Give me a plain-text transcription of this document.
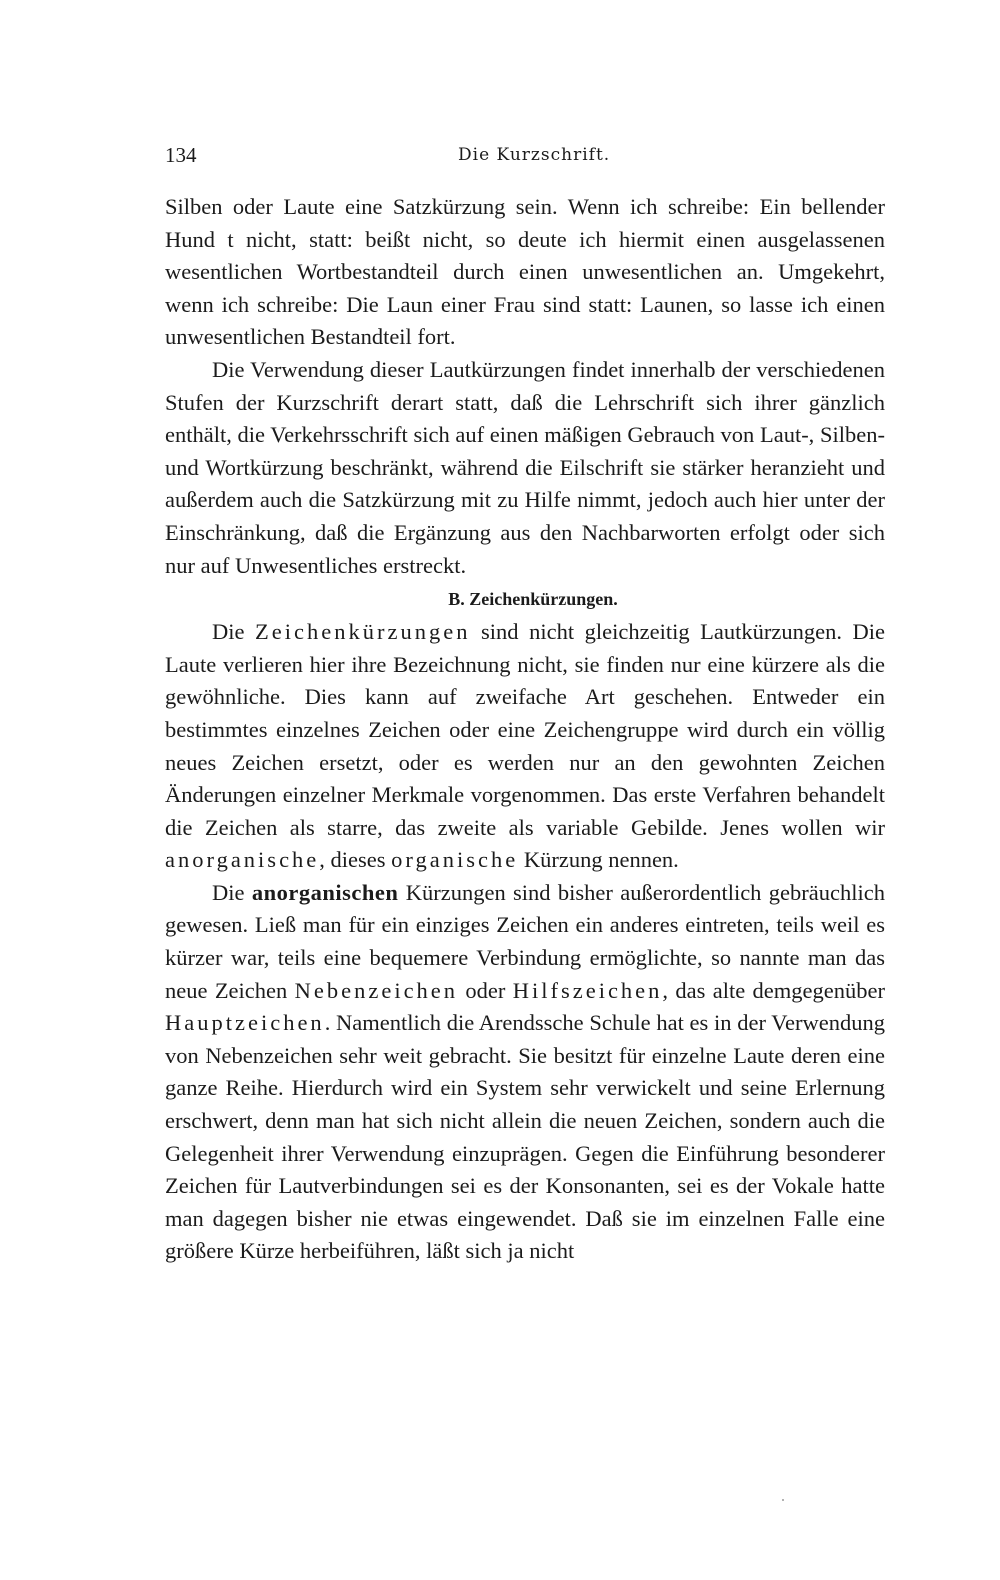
134	Die Kurzschrift.

Silben oder Laute eine Satzkürzung sein. Wenn ich schreibe: Ein bellender Hund t nicht, statt: beißt nicht, so deute ich hiermit einen ausgelassenen wesentlichen Wortbestandteil durch einen unwesentlichen an. Umgekehrt, wenn ich schreibe: Die Laun einer Frau sind statt: Launen, so lasse ich einen unwesentlichen Bestandteil fort.

Die Verwendung dieser Lautkürzungen findet innerhalb der verschiedenen Stufen der Kurzschrift derart statt, daß die Lehrschrift sich ihrer gänzlich enthält, die Verkehrsschrift sich auf einen mäßigen Gebrauch von Laut-, Silben- und Wortkürzung beschränkt, während die Eilschrift sie stärker heranzieht und außerdem auch die Satzkürzung mit zu Hilfe nimmt, jedoch auch hier unter der Einschränkung, daß die Ergänzung aus den Nachbarworten erfolgt oder sich nur auf Unwesentliches erstreckt.

B. Zeichenkürzungen.

Die Zeichenkürzungen sind nicht gleichzeitig Lautkürzungen. Die Laute verlieren hier ihre Bezeichnung nicht, sie finden nur eine kürzere als die gewöhnliche. Dies kann auf zweifache Art geschehen. Entweder ein bestimmtes einzelnes Zeichen oder eine Zeichengruppe wird durch ein völlig neues Zeichen ersetzt, oder es werden nur an den gewohnten Zeichen Änderungen einzelner Merkmale vorgenommen. Das erste Verfahren behandelt die Zeichen als starre, das zweite als variable Gebilde. Jenes wollen wir anorganische, dieses organische Kürzung nennen.

Die anorganischen Kürzungen sind bisher außerordentlich gebräuchlich gewesen. Ließ man für ein einziges Zeichen ein anderes eintreten, teils weil es kürzer war, teils eine bequemere Verbindung ermöglichte, so nannte man das neue Zeichen Nebenzeichen oder Hilfszeichen, das alte demgegenüber Hauptzeichen. Namentlich die Arendssche Schule hat es in der Verwendung von Nebenzeichen sehr weit gebracht. Sie besitzt für einzelne Laute deren eine ganze Reihe. Hierdurch wird ein System sehr verwickelt und seine Erlernung erschwert, denn man hat sich nicht allein die neuen Zeichen, sondern auch die Gelegenheit ihrer Verwendung einzuprägen. Gegen die Einführung besonderer Zeichen für Lautverbindungen sei es der Konsonanten, sei es der Vokale hatte man dagegen bisher nie etwas eingewendet. Daß sie im einzelnen Falle eine größere Kürze herbeiführen, läßt sich ja nicht
